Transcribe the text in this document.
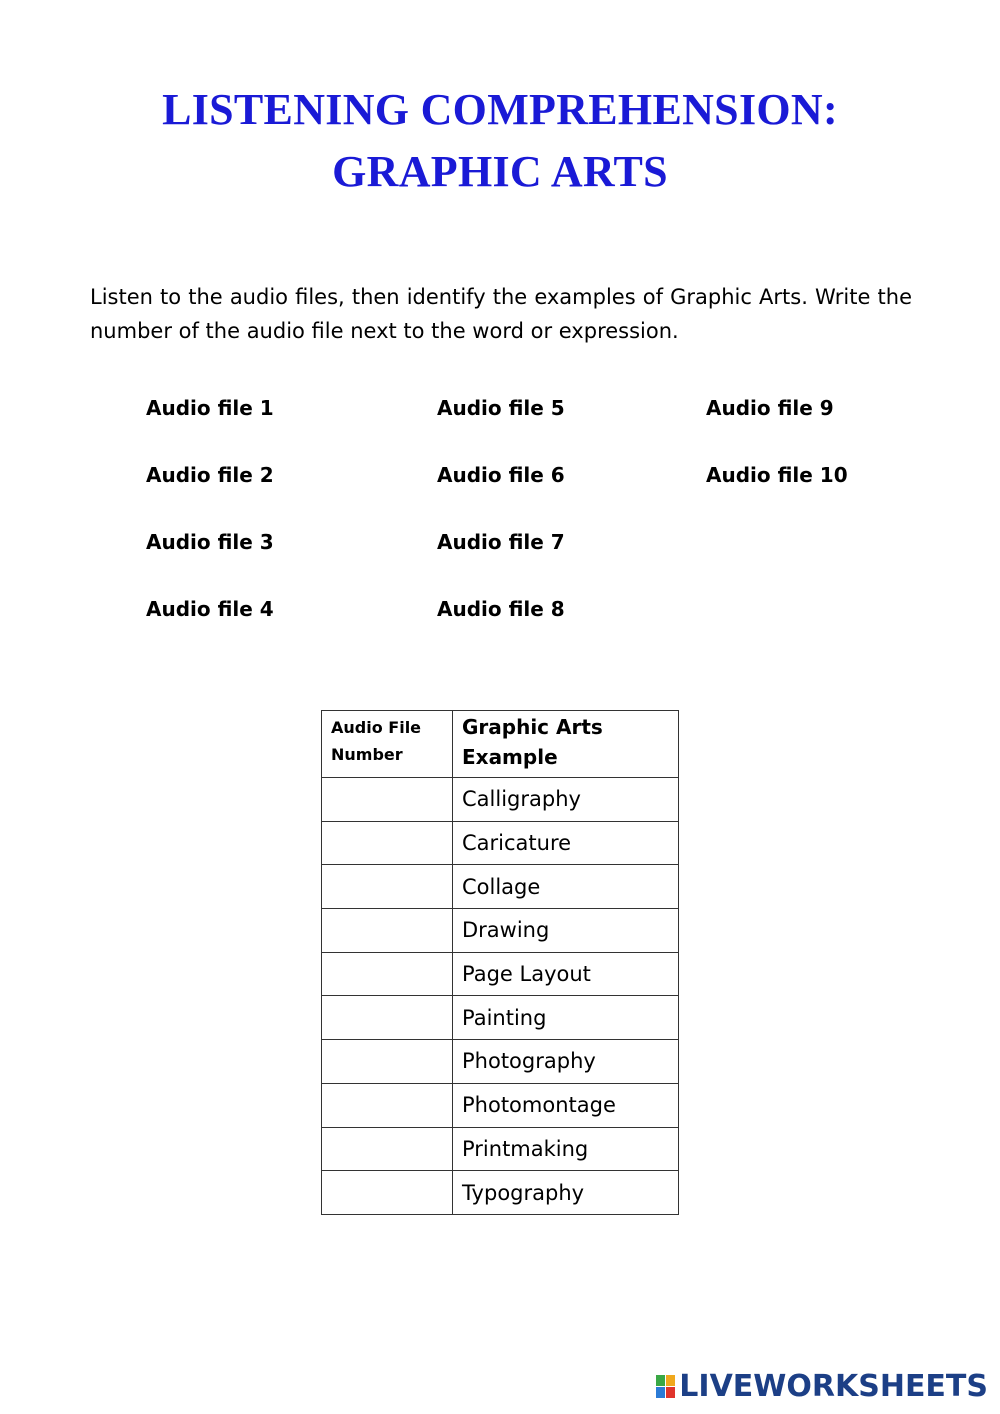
LISTENING COMPREHENSION:
GRAPHIC ARTS

Listen to the audio files, then identify the examples of Graphic Arts. Write the number of the audio file next to the word or expression.

Audio file 1
Audio file 2
Audio file 3
Audio file 4
Audio file 5
Audio file 6
Audio file 7
Audio file 8
Audio file 9
Audio file 10
Audio File Number	Graphic Arts Example
	Calligraphy
	Caricature
	Collage
	Drawing
	Page Layout
	Painting
	Photography
	Photomontage
	Printmaking
	Typography
LIVEWORKSHEETS
